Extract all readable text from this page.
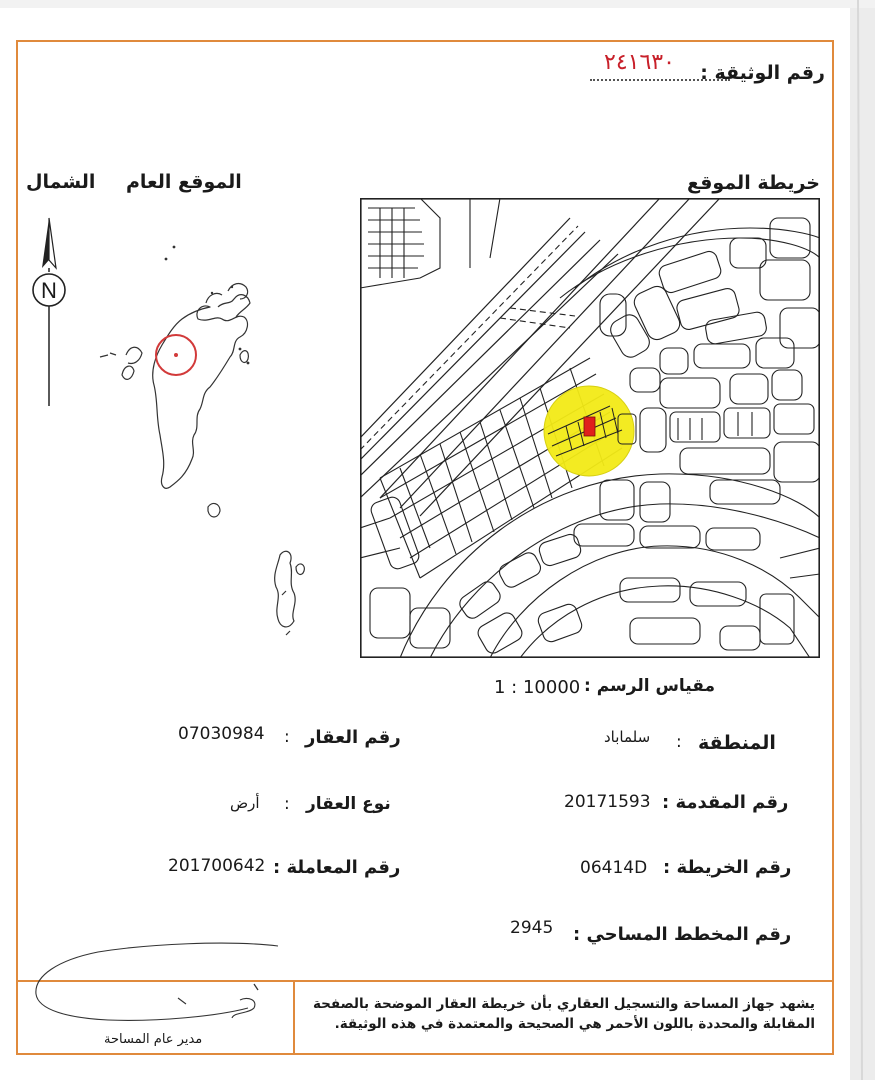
رقم الوثيقة :
٢٤١٦٣٠
خريطة الموقع
الموقع العام
الشمال
N
مقياس الرسم :
1 : 10000
المنطقة
:
سلماباد
رقم المقدمة :
20171593
رقم الخريطة :
06414D
رقم المخطط المساحي :
2945
رقم العقار
:
07030984
نوع العقار
:
أرض
رقم المعاملة :
201700642
يشهد جهاز المساحة والتسجيل العقاري بأن خريطة العقار الموضحة بالصفحة المقابلة والمحددة باللون الأحمر هي الصحيحة والمعتمدة في هذه الوثيقة.
مدير عام المساحة
